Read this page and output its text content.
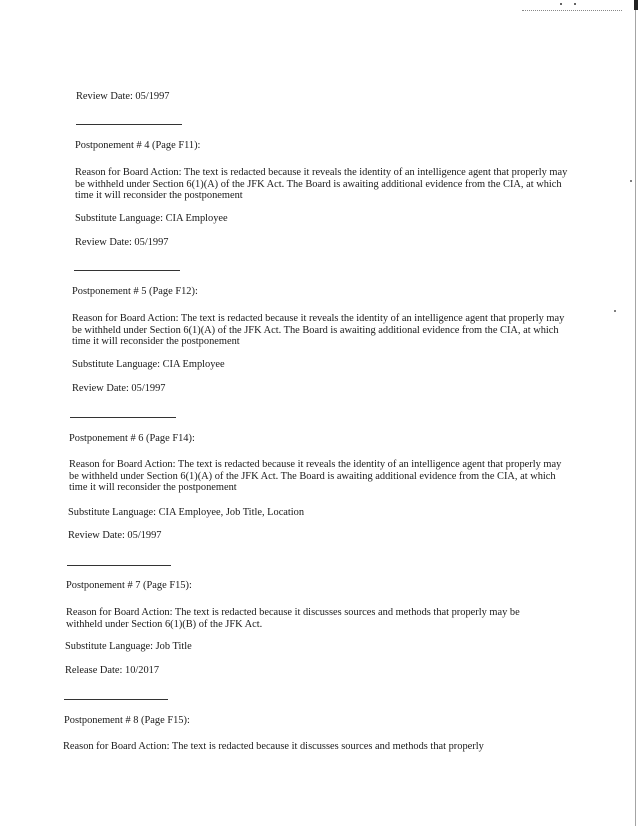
Review Date: 05/1997
Postponement # 4 (Page F11):
Reason for Board Action: The text is redacted because it reveals the identity of an intelligence agent that properly may be withheld under Section 6(1)(A) of the JFK Act. The Board is awaiting additional evidence from the CIA, at which time it will reconsider the postponement
Substitute Language: CIA Employee
Review Date: 05/1997
Postponement # 5 (Page F12):
Reason for Board Action: The text is redacted because it reveals the identity of an intelligence agent that properly may be withheld under Section 6(1)(A) of the JFK Act. The Board is awaiting additional evidence from the CIA, at which time it will reconsider the postponement
Substitute Language: CIA Employee
Review Date: 05/1997
Postponement # 6 (Page F14):
Reason for Board Action: The text is redacted because it reveals the identity of an intelligence agent that properly may be withheld under Section 6(1)(A) of the JFK Act. The Board is awaiting additional evidence from the CIA, at which time it will reconsider the postponement
Substitute Language: CIA Employee, Job Title, Location
Review Date: 05/1997
Postponement # 7 (Page F15):
Reason for Board Action: The text is redacted because it discusses sources and methods that properly may be withheld under Section 6(1)(B) of the JFK Act.
Substitute Language: Job Title
Release Date: 10/2017
Postponement # 8 (Page F15):
Reason for Board Action: The text is redacted because it discusses sources and methods that properly
